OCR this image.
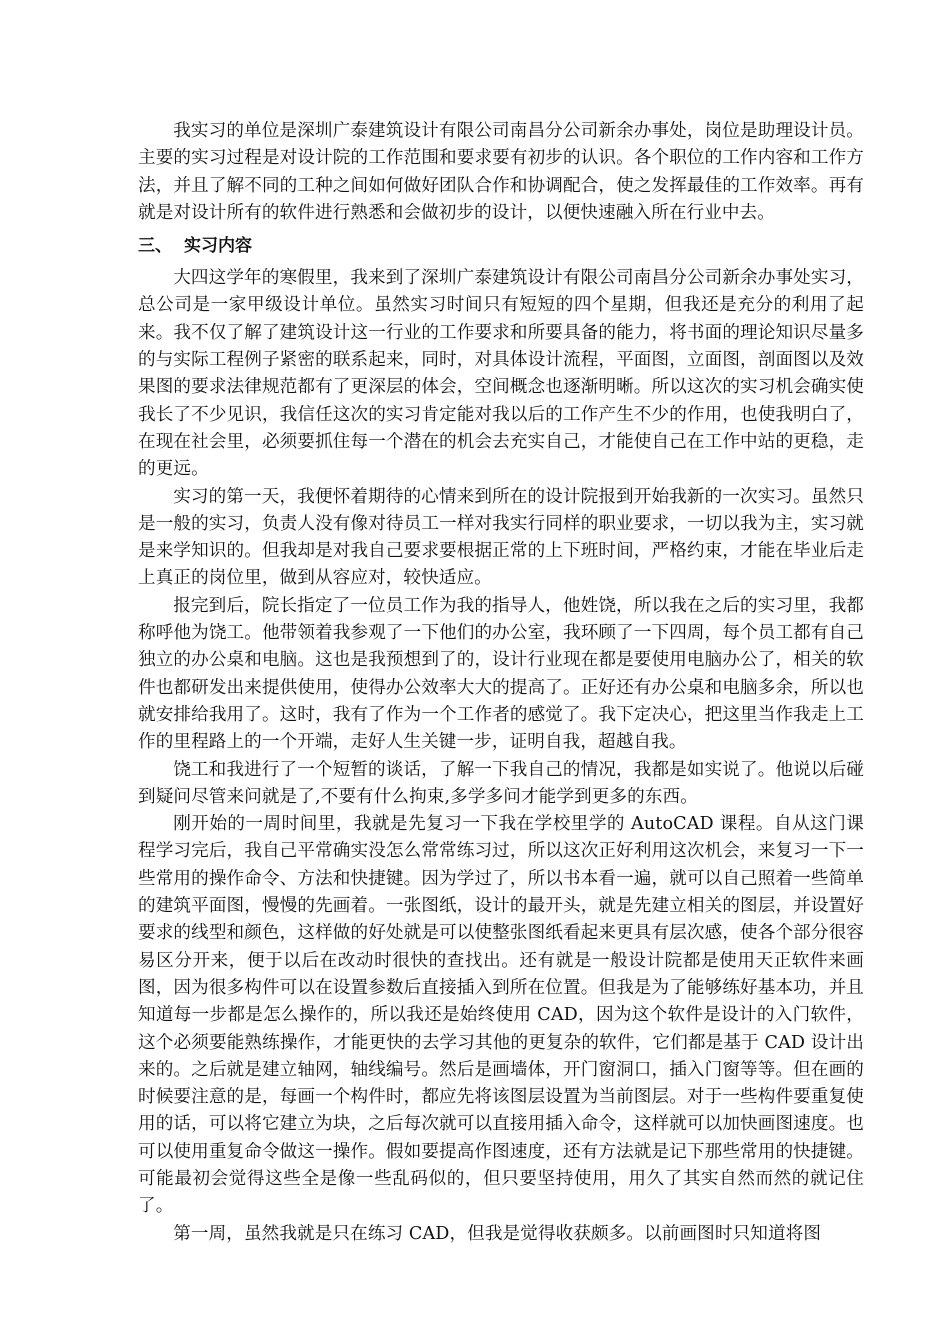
我实习的单位是深圳广泰建筑设计有限公司南昌分公司新余办事处，岗位是助理设计员。主要的实习过程是对设计院的工作范围和要求要有初步的认识。各个职位的工作内容和工作方法，并且了解不同的工种之间如何做好团队合作和协调配合，使之发挥最佳的工作效率。再有就是对设计所有的软件进行熟悉和会做初步的设计，以便快速融入所在行业中去。

三、 实习内容

大四这学年的寒假里，我来到了深圳广泰建筑设计有限公司南昌分公司新余办事处实习，总公司是一家甲级设计单位。虽然实习时间只有短短的四个星期，但我还是充分的利用了起来。我不仅了解了建筑设计这一行业的工作要求和所要具备的能力，将书面的理论知识尽量多的与实际工程例子紧密的联系起来，同时，对具体设计流程，平面图，立面图，剖面图以及效果图的要求法律规范都有了更深层的体会，空间概念也逐渐明晰。所以这次的实习机会确实使我长了不少见识，我信任这次的实习肯定能对我以后的工作产生不少的作用，也使我明白了，在现在社会里，必须要抓住每一个潜在的机会去充实自己，才能使自己在工作中站的更稳，走的更远。

实习的第一天，我便怀着期待的心情来到所在的设计院报到开始我新的一次实习。虽然只是一般的实习，负责人没有像对待员工一样对我实行同样的职业要求，一切以我为主，实习就是来学知识的。但我却是对我自己要求要根据正常的上下班时间，严格约束，才能在毕业后走上真正的岗位里，做到从容应对，较快适应。

报完到后，院长指定了一位员工作为我的指导人，他姓饶，所以我在之后的实习里，我都称呼他为饶工。他带领着我参观了一下他们的办公室，我环顾了一下四周，每个员工都有自己独立的办公桌和电脑。这也是我预想到了的，设计行业现在都是要使用电脑办公了，相关的软件也都研发出来提供使用，使得办公效率大大的提高了。正好还有办公桌和电脑多余，所以也就安排给我用了。这时，我有了作为一个工作者的感觉了。我下定决心，把这里当作我走上工作的里程路上的一个开端，走好人生关键一步，证明自我，超越自我。

饶工和我进行了一个短暂的谈话，了解一下我自己的情况，我都是如实说了。他说以后碰到疑问尽管来问就是了,不要有什么拘束,多学多问才能学到更多的东西。

刚开始的一周时间里，我就是先复习一下我在学校里学的 AutoCAD 课程。自从这门课程学习完后，我自己平常确实没怎么常常练习过，所以这次正好利用这次机会，来复习一下一些常用的操作命令、方法和快捷键。因为学过了，所以书本看一遍，就可以自己照着一些简单的建筑平面图，慢慢的先画着。一张图纸，设计的最开头，就是先建立相关的图层，并设置好要求的线型和颜色，这样做的好处就是可以使整张图纸看起来更具有层次感，使各个部分很容易区分开来，便于以后在改动时很快的查找出。还有就是一般设计院都是使用天正软件来画图，因为很多构件可以在设置参数后直接插入到所在位置。但我是为了能够练好基本功，并且知道每一步都是怎么操作的，所以我还是始终使用 CAD，因为这个软件是设计的入门软件，这个必须要能熟练操作，才能更快的去学习其他的更复杂的软件，它们都是基于 CAD 设计出来的。之后就是建立轴网，轴线编号。然后是画墙体，开门窗洞口，插入门窗等等。但在画的时候要注意的是，每画一个构件时，都应先将该图层设置为当前图层。对于一些构件要重复使用的话，可以将它建立为块，之后每次就可以直接用插入命令，这样就可以加快画图速度。也可以使用重复命令做这一操作。假如要提高作图速度，还有方法就是记下那些常用的快捷键。可能最初会觉得这些全是像一些乱码似的，但只要坚持使用，用久了其实自然而然的就记住了。

第一周，虽然我就是只在练习 CAD，但我是觉得收获颇多。以前画图时只知道将图
